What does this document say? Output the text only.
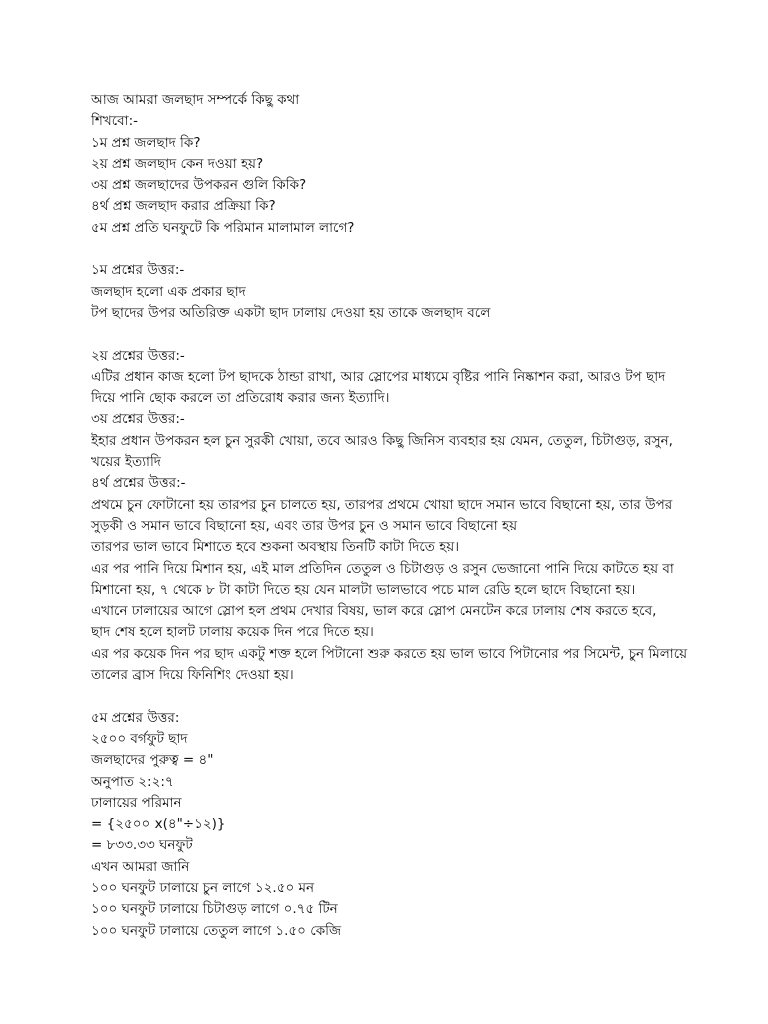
আজ আমরা জলছাদ সম্পর্কে কিছু কথা
শিখবো:-
১ম প্রশ্ন জলছাদ কি?
২য় প্রশ্ন জলছাদ কেন দওয়া হয়?
৩য় প্রশ্ন জলছাদের উপকরন গুলি কিকি?
৪র্থ প্রশ্ন জলছাদ করার প্রক্রিয়া কি?
৫ম প্রশ্ন প্রতি ঘনফুটে কি পরিমান মালামাল লাগে?
১ম প্রশ্নের উত্তর:-
জলছাদ হলো এক প্রকার ছাদ
টপ ছাদের উপর অতিরিক্ত একটা ছাদ ঢালায় দেওয়া হয় তাকে জলছাদ বলে
২য় প্রশ্নের উত্তর:-
এটির প্রধান কাজ হলো টপ ছাদকে ঠান্ডা রাখা, আর স্লোপের মাধ্যমে বৃষ্টির পানি নিষ্কাশন করা, আরও টপ ছাদ
দিয়ে পানি ছোক করলে তা প্রতিরোধ করার জন্য ইত্যাদি।
৩য় প্রশ্নের উত্তর:-
ইহার প্রধান উপকরন হল চুন সুরকী খোয়া, তবে আরও কিছু জিনিস ব্যবহার হয় যেমন, তেতুল, চিটাগুড়, রসুন,
খয়ের ইত্যাদি
৪র্থ প্রশ্নের উত্তর:-
প্রথমে চুন ফোটানো হয় তারপর চুন চালতে হয়, তারপর প্রথমে খোয়া ছাদে সমান ভাবে বিছানো হয়, তার উপর
সুড়কী ও সমান ভাবে বিছানো হয়, এবং তার উপর চুন ও সমান ভাবে বিছানো হয়
তারপর ভাল ভাবে মিশাতে হবে শুকনা অবস্থায় তিনটি কাটা দিতে হয়।
এর পর পানি দিয়ে মিশান হয়, এই মাল প্রতিদিন তেতুল ও চিটাগুড় ও রসুন ভেজানো পানি দিয়ে কাটতে হয় বা
মিশানো হয়, ৭ থেকে ৮ টা কাটা দিতে হয় যেন মালটা ভালভাবে পচে মাল রেডি হলে ছাদে বিছানো হয়।
এখানে ঢালায়ের আগে স্লোপ হল প্রথম দেখার বিষয়, ভাল করে স্লোপ মেনটেন করে ঢালায় শেষ করতে হবে,
ছাদ শেষ হলে হালট ঢালায় কয়েক দিন পরে দিতে হয়।
এর পর কয়েক দিন পর ছাদ একটু শক্ত হলে পিটানো শুরু করতে হয় ভাল ভাবে পিটানোর পর সিমেন্ট, চুন মিলায়ে
তালের ব্রাস দিয়ে ফিনিশিং দেওয়া হয়।
৫ম প্রশ্নের উত্তর:
২৫০০ বর্গফুট ছাদ
জলছাদের পুরুত্ব = ৪"
অনুপাত ২:২:৭
ঢালায়ের পরিমান
= {২৫০০ x(৪"÷১২)}
= ৮৩৩.৩৩ ঘনফুট
এখন আমরা জানি
১০০ ঘনফুট ঢালায়ে চুন লাগে ১২.৫০ মন
১০০ ঘনফুট ঢালায়ে চিটাগুড় লাগে ০.৭৫ টিন
১০০ ঘনফুট ঢালায়ে তেতুল লাগে ১.৫০ কেজি
